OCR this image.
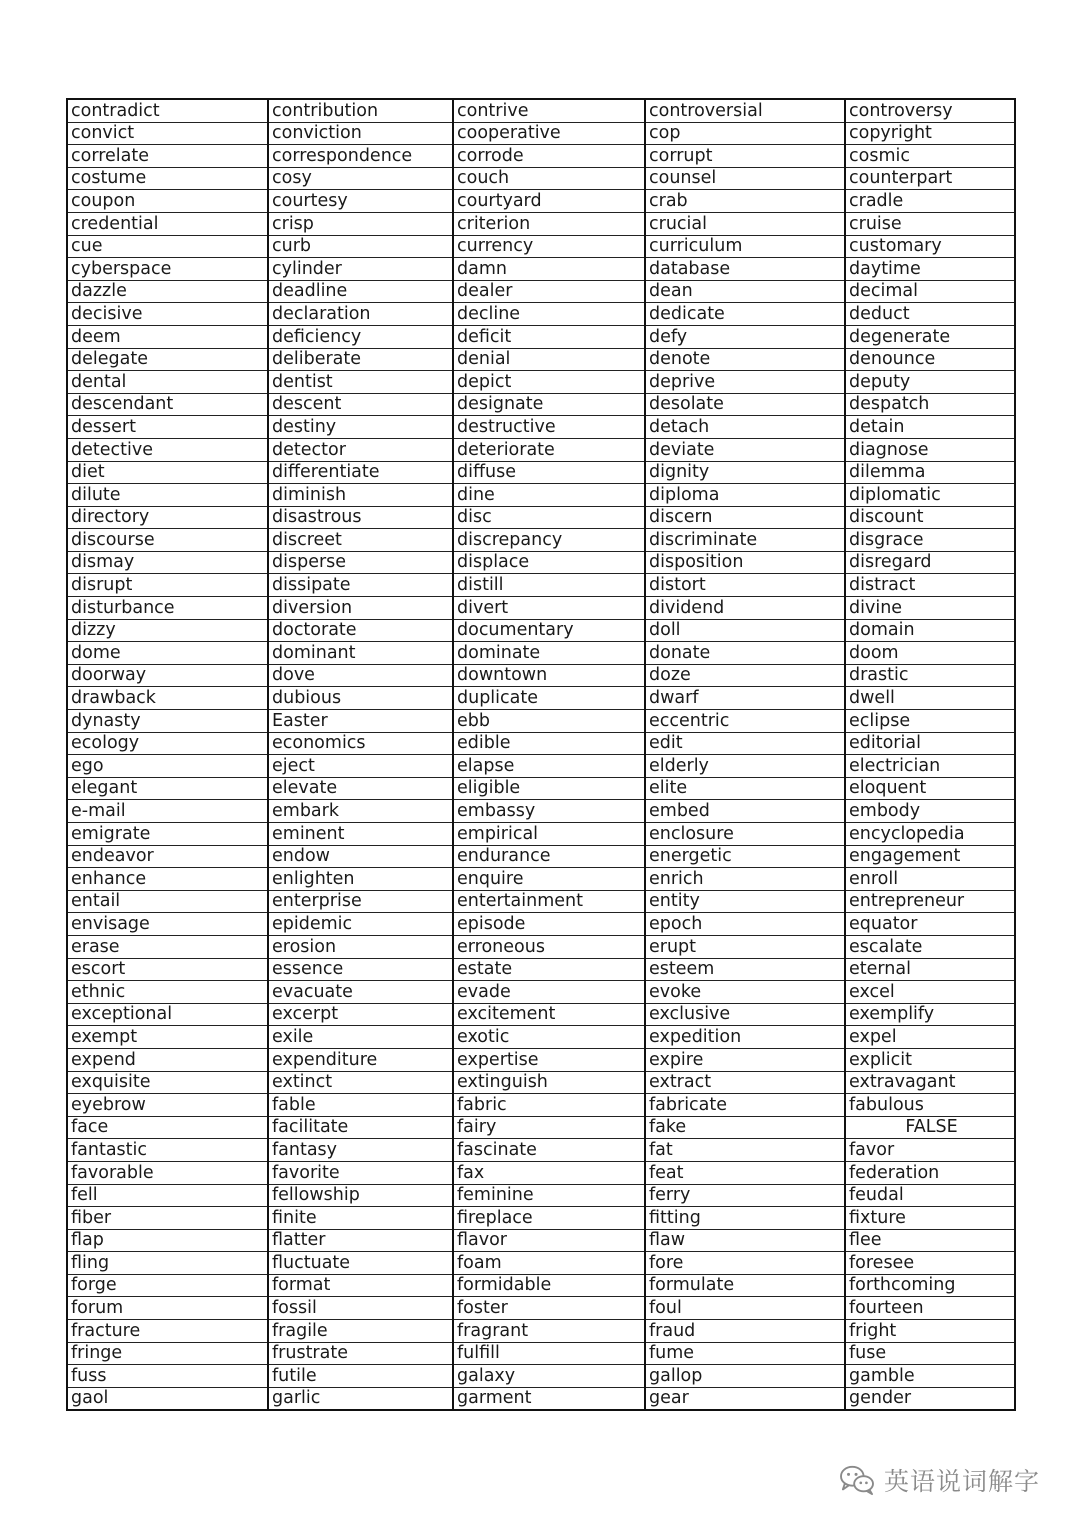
contradict	contribution	contrive	controversial	controversy
convict	conviction	cooperative	cop	copyright
correlate	correspondence	corrode	corrupt	cosmic
costume	cosy	couch	counsel	counterpart
coupon	courtesy	courtyard	crab	cradle
credential	crisp	criterion	crucial	cruise
cue	curb	currency	curriculum	customary
cyberspace	cylinder	damn	database	daytime
dazzle	deadline	dealer	dean	decimal
decisive	declaration	decline	dedicate	deduct
deem	deficiency	deficit	defy	degenerate
delegate	deliberate	denial	denote	denounce
dental	dentist	depict	deprive	deputy
descendant	descent	designate	desolate	despatch
dessert	destiny	destructive	detach	detain
detective	detector	deteriorate	deviate	diagnose
diet	differentiate	diffuse	dignity	dilemma
dilute	diminish	dine	diploma	diplomatic
directory	disastrous	disc	discern	discount
discourse	discreet	discrepancy	discriminate	disgrace
dismay	disperse	displace	disposition	disregard
disrupt	dissipate	distill	distort	distract
disturbance	diversion	divert	dividend	divine
dizzy	doctorate	documentary	doll	domain
dome	dominant	dominate	donate	doom
doorway	dove	downtown	doze	drastic
drawback	dubious	duplicate	dwarf	dwell
dynasty	Easter	ebb	eccentric	eclipse
ecology	economics	edible	edit	editorial
ego	eject	elapse	elderly	electrician
elegant	elevate	eligible	elite	eloquent
e-mail	embark	embassy	embed	embody
emigrate	eminent	empirical	enclosure	encyclopedia
endeavor	endow	endurance	energetic	engagement
enhance	enlighten	enquire	enrich	enroll
entail	enterprise	entertainment	entity	entrepreneur
envisage	epidemic	episode	epoch	equator
erase	erosion	erroneous	erupt	escalate
escort	essence	estate	esteem	eternal
ethnic	evacuate	evade	evoke	excel
exceptional	excerpt	excitement	exclusive	exemplify
exempt	exile	exotic	expedition	expel
expend	expenditure	expertise	expire	explicit
exquisite	extinct	extinguish	extract	extravagant
eyebrow	fable	fabric	fabricate	fabulous
face	facilitate	fairy	fake	FALSE
fantastic	fantasy	fascinate	fat	favor
favorable	favorite	fax	feat	federation
fell	fellowship	feminine	ferry	feudal
fiber	finite	fireplace	fitting	fixture
flap	flatter	flavor	flaw	flee
fling	fluctuate	foam	fore	foresee
forge	format	formidable	formulate	forthcoming
forum	fossil	foster	foul	fourteen
fracture	fragile	fragrant	fraud	fright
fringe	frustrate	fulfill	fume	fuse
fuss	futile	galaxy	gallop	gamble
gaol	garlic	garment	gear	gender
英语说词解字
